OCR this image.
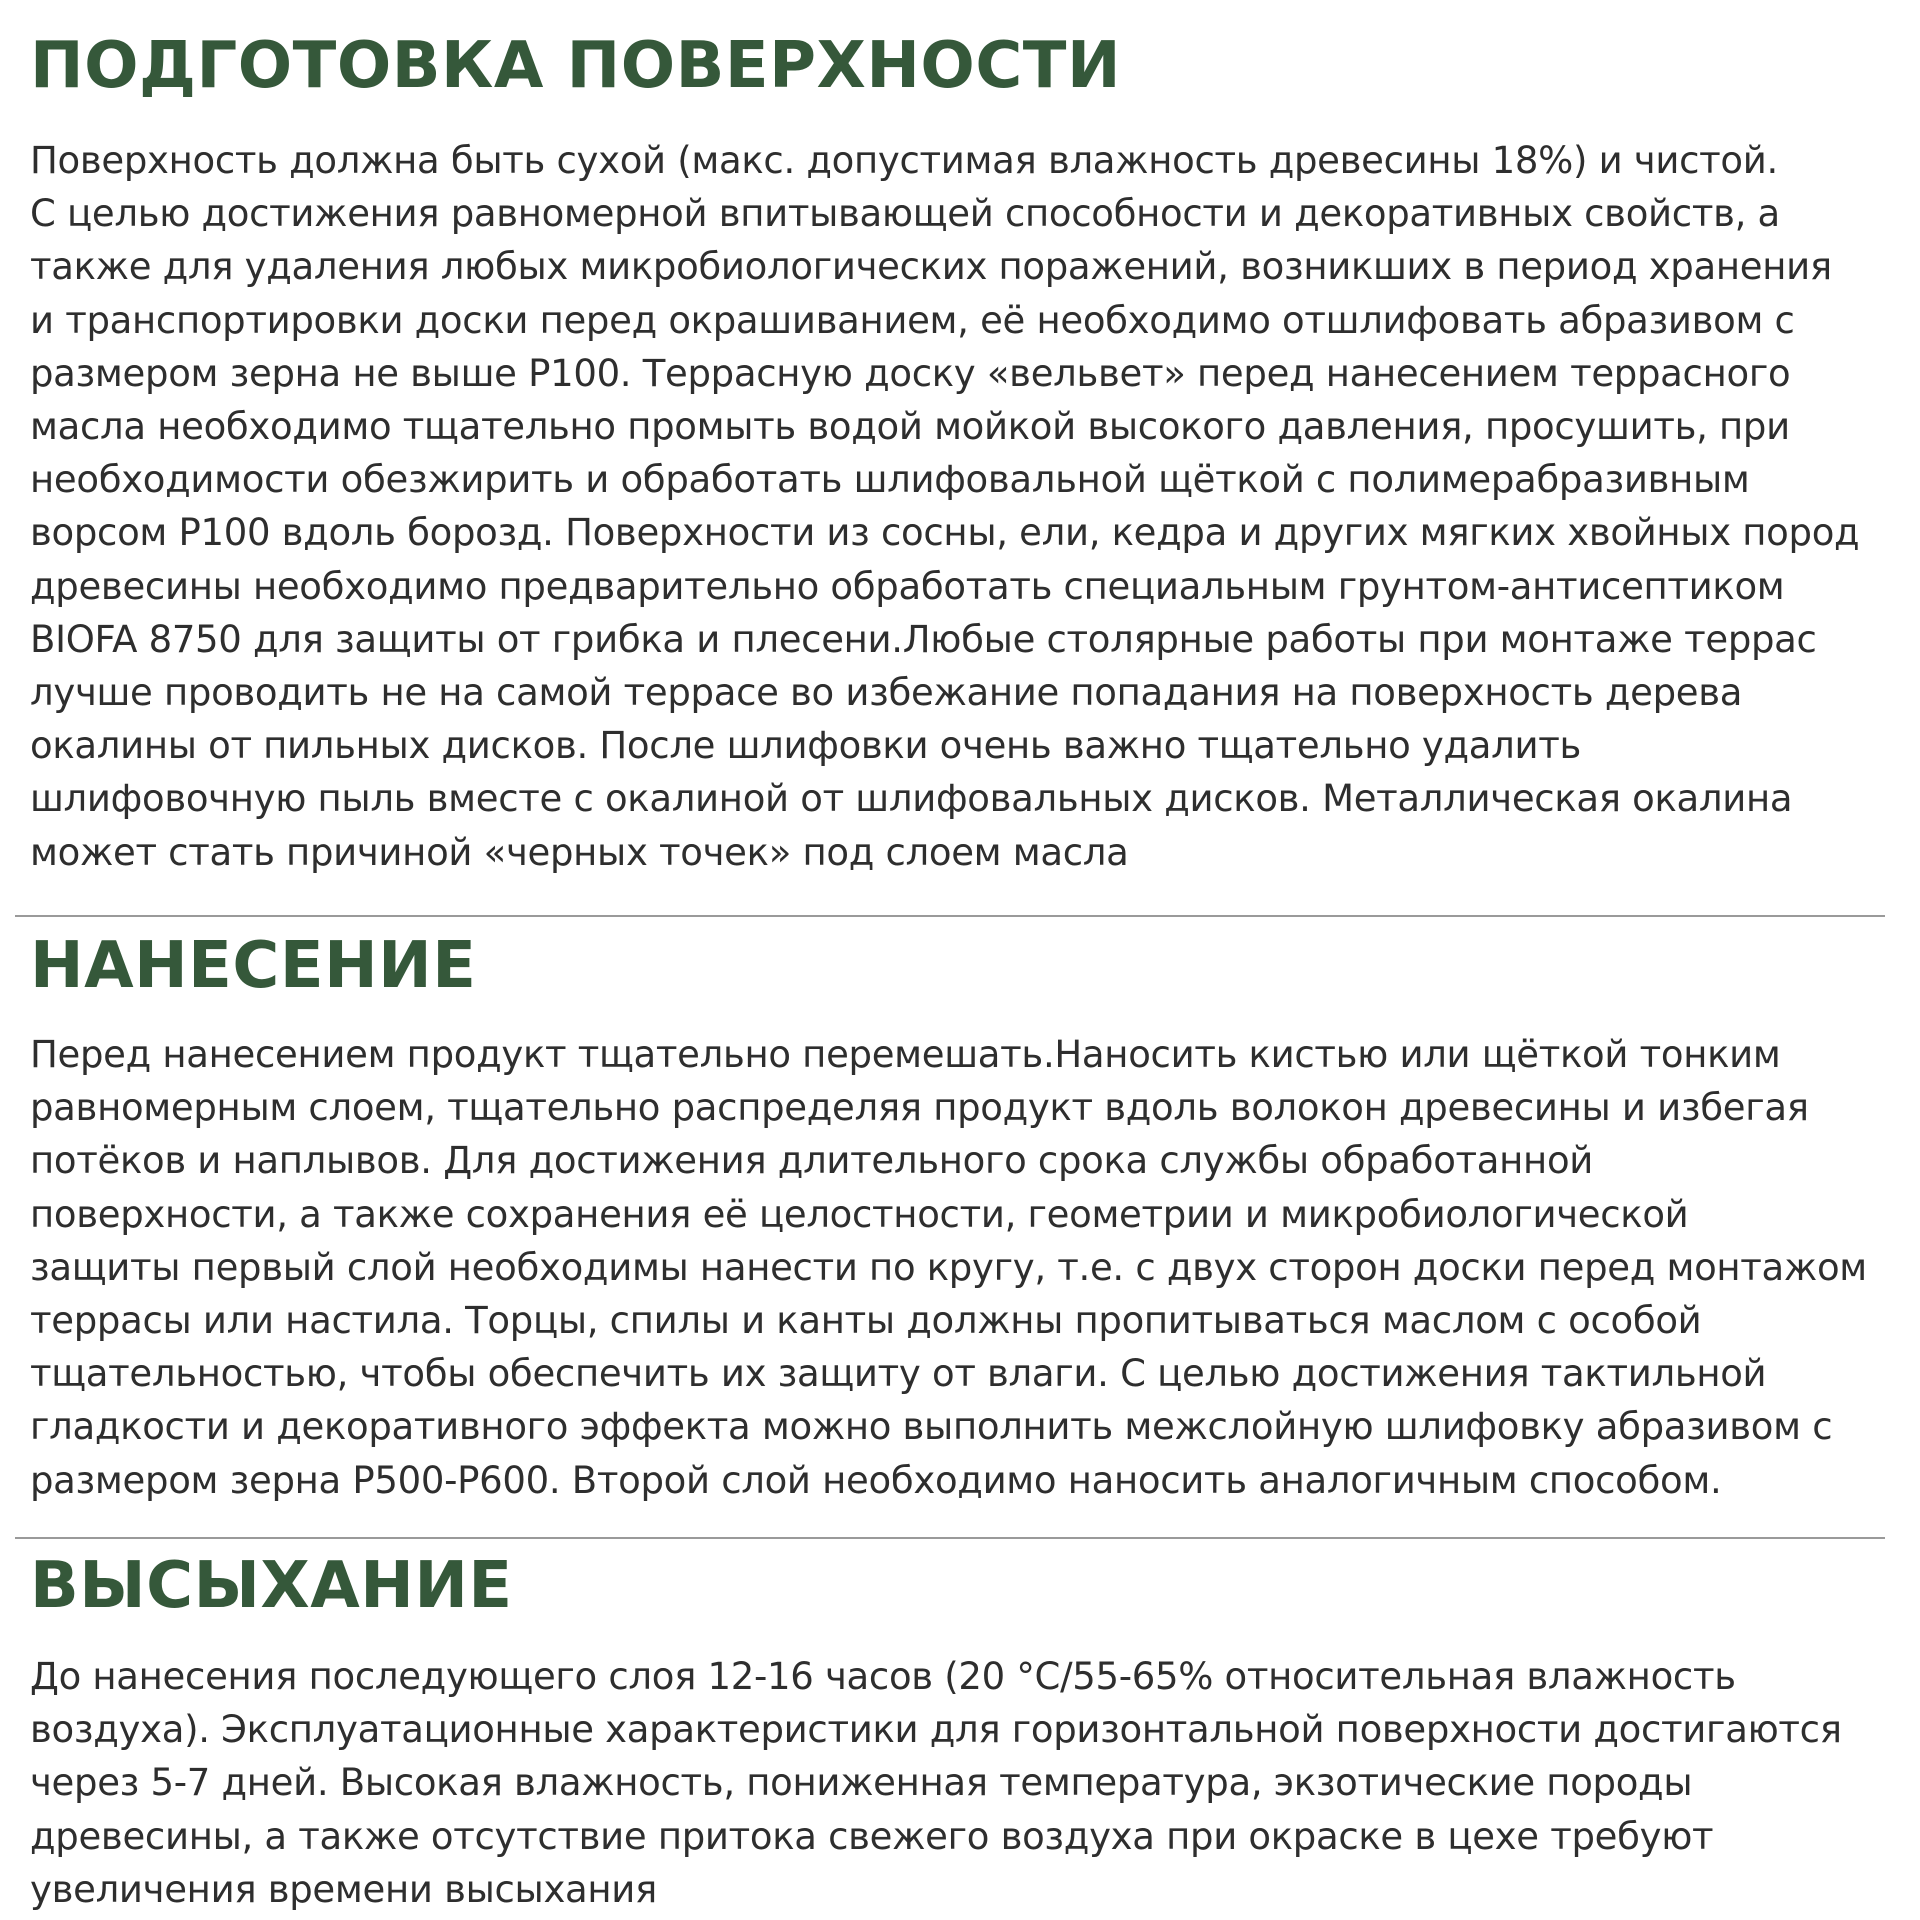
ПОДГОТОВКА ПОВЕРХНОСТИ

Поверхность должна быть сухой (макс. допустимая влажность древесины 18%) и чистой.
С целью достижения равномерной впитывающей способности и декоративных свойств, а
также для удаления любых микробиологических поражений, возникших в период хранения
и транспортировки доски перед окрашиванием, её необходимо отшлифовать абразивом с
размером зерна не выше P100. Террасную доску «вельвет» перед нанесением террасного
масла необходимо тщательно промыть водой мойкой высокого давления, просушить, при
необходимости обезжирить и обработать шлифовальной щёткой с полимерабразивным
ворсом P100 вдоль борозд. Поверхности из сосны, ели, кедра и других мягких хвойных пород
древесины необходимо предварительно обработать специальным грунтом-антисептиком
BIOFA 8750 для защиты от грибка и плесени.Любые столярные работы при монтаже террас
лучше проводить не на самой террасе во избежание попадания на поверхность дерева
окалины от пильных дисков. После шлифовки очень важно тщательно удалить
шлифовочную пыль вместе с окалиной от шлифовальных дисков. Металлическая окалина
может стать причиной «черных точек» под слоем масла

НАНЕСЕНИЕ

Перед нанесением продукт тщательно перемешать.Наносить кистью или щёткой тонким
равномерным слоем, тщательно распределяя продукт вдоль волокон древесины и избегая
потёков и наплывов. Для достижения длительного срока службы обработанной
поверхности, а также сохранения её целостности, геометрии и микробиологической
защиты первый слой необходимы нанести по кругу, т.е. с двух сторон доски перед монтажом
террасы или настила. Торцы, спилы и канты должны пропитываться маслом с особой
тщательностью, чтобы обеспечить их защиту от влаги. С целью достижения тактильной
гладкости и декоративного эффекта можно выполнить межслойную шлифовку абразивом с
размером зерна P500-P600. Второй слой необходимо наносить аналогичным способом.

ВЫСЫХАНИЕ

До нанесения последующего слоя 12-16 часов (20 °С/55-65% относительная влажность
воздуха). Эксплуатационные характеристики для горизонтальной поверхности достигаются
через 5-7 дней. Высокая влажность, пониженная температура, экзотические породы
древесины, а также отсутствие притока свежего воздуха при окраске в цехе требуют
увеличения времени высыхания
